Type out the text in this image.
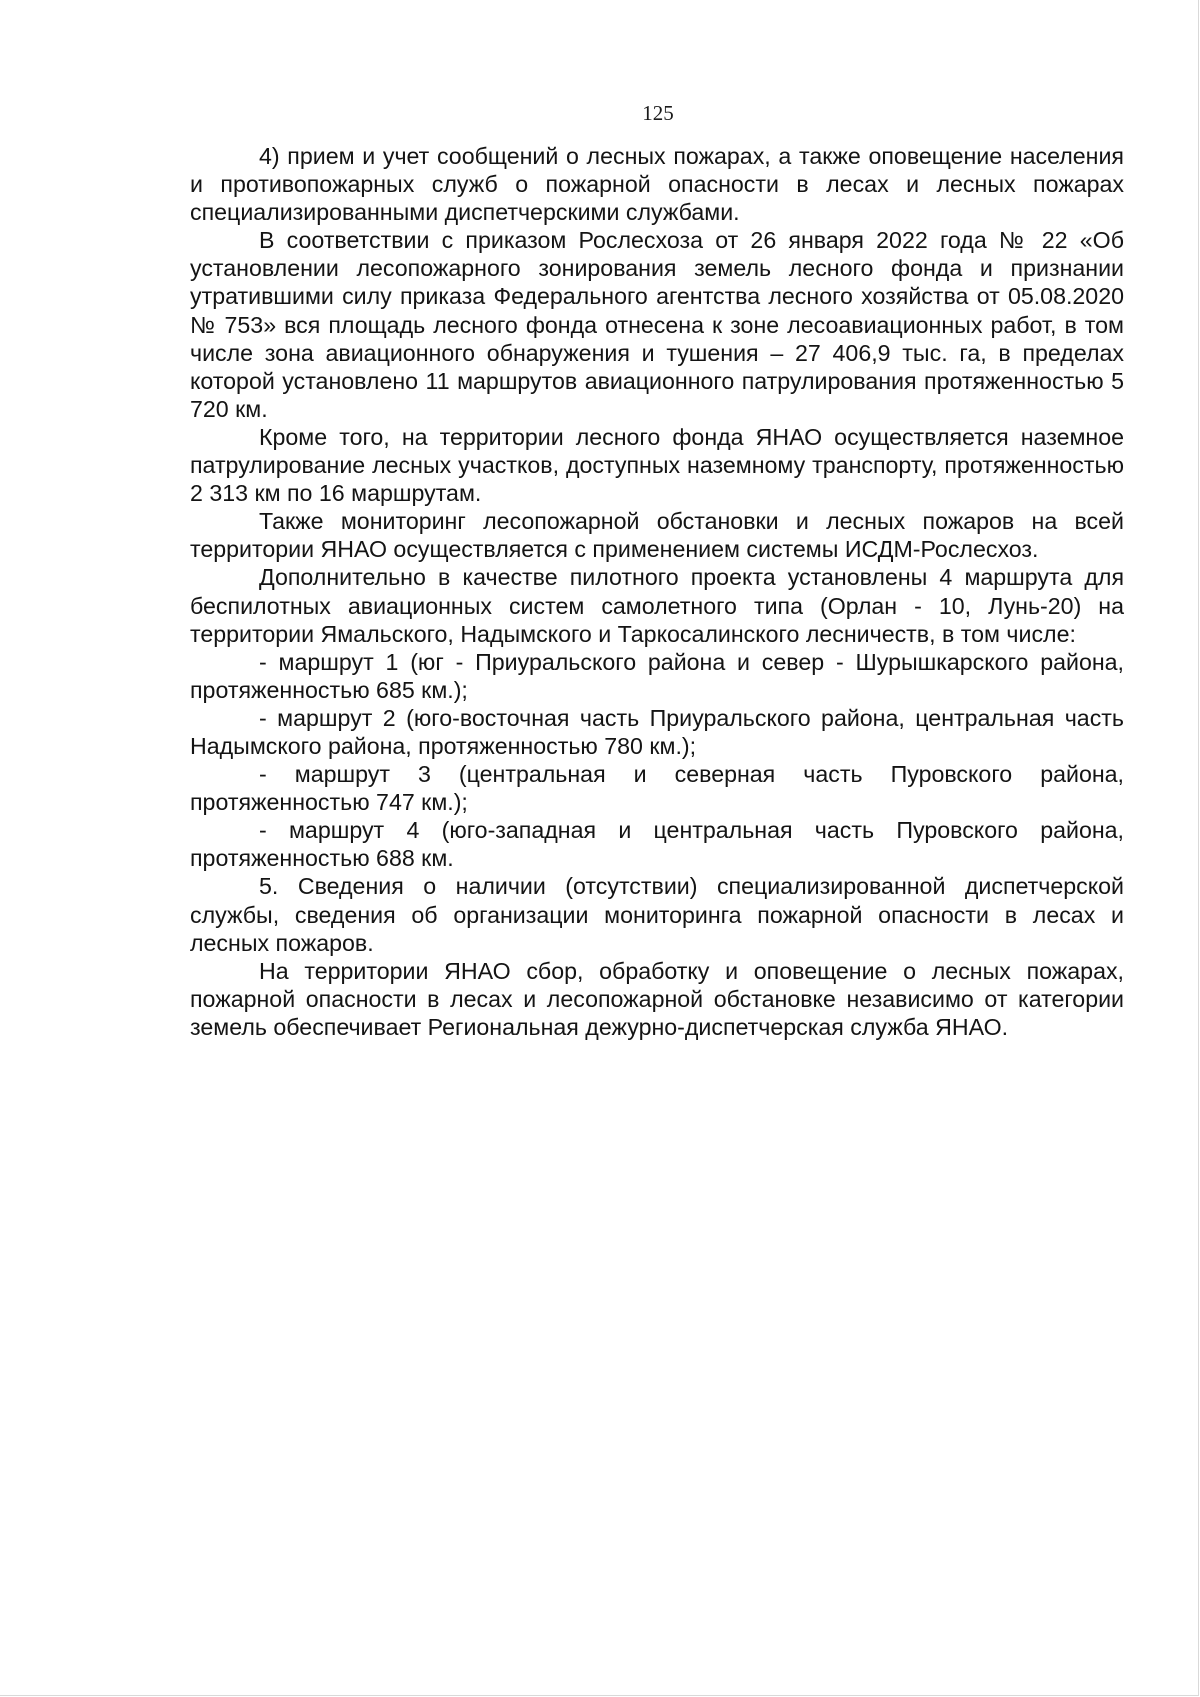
125

4) прием и учет сообщений о лесных пожарах, а также оповещение населения и противопожарных служб о пожарной опасности в лесах и лесных пожарах специализированными диспетчерскими службами.

В соответствии с приказом Рослесхоза от 26 января 2022 года № 22 «Об установлении лесопожарного зонирования земель лесного фонда и признании утратившими силу приказа Федерального агентства лесного хозяйства от 05.08.2020 № 753» вся площадь лесного фонда отнесена к зоне лесоавиационных работ, в том числе зона авиационного обнаружения и тушения – 27 406,9 тыс. га, в пределах которой установлено 11 маршрутов авиационного патрулирования протяженностью 5 720 км.

Кроме того, на территории лесного фонда ЯНАО осуществляется наземное патрулирование лесных участков, доступных наземному транспорту, протяженностью 2 313 км по 16 маршрутам.

Также мониторинг лесопожарной обстановки и лесных пожаров на всей территории ЯНАО осуществляется с применением системы ИСДМ-Рослесхоз.

Дополнительно в качестве пилотного проекта установлены 4 маршрута для беспилотных авиационных систем самолетного типа (Орлан - 10, Лунь-20) на территории Ямальского, Надымского и Таркосалинского лесничеств, в том числе:

- маршрут 1 (юг - Приуральского района и север - Шурышкарского района, протяженностью 685 км.);

- маршрут 2 (юго-восточная часть Приуральского района, центральная часть Надымского района, протяженностью 780 км.);

- маршрут 3 (центральная и северная часть Пуровского района, протяженностью 747 км.);

- маршрут 4 (юго-западная и центральная часть Пуровского района, протяженностью 688 км.

5. Сведения о наличии (отсутствии) специализированной диспетчерской службы, сведения об организации мониторинга пожарной опасности в лесах и лесных пожаров.

На территории ЯНАО сбор, обработку и оповещение о лесных пожарах, пожарной опасности в лесах и лесопожарной обстановке независимо от категории земель обеспечивает Региональная дежурно-диспетчерская служба ЯНАО.
